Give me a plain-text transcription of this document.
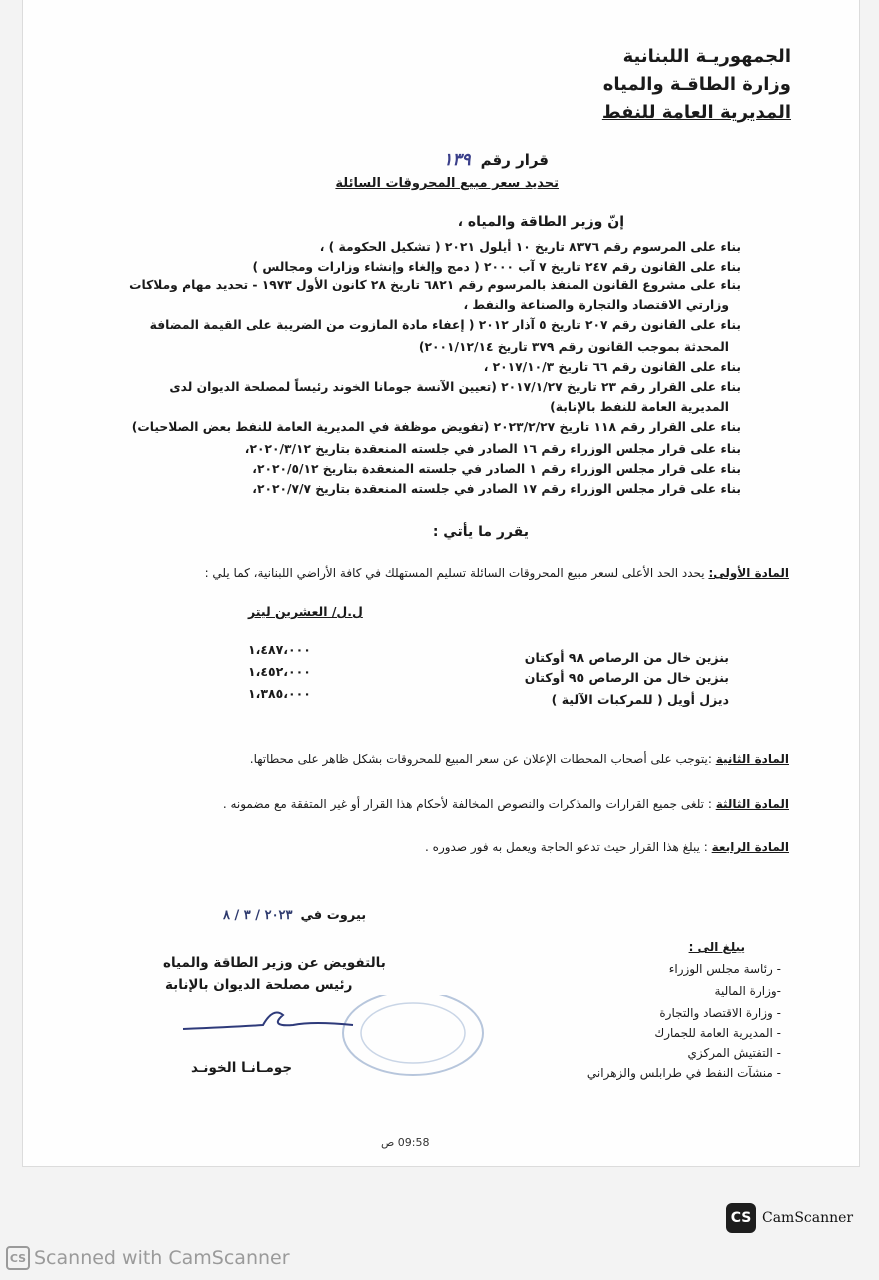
الجمهوريـة اللبنانية
وزارة الطاقـة والمياه
المديرية العامة للنفط
قرار رقم
١٣٩
تحديد سعر مبيع المحروقات السائلة
إنّ وزير الطاقة والمياه ،
بناء على المرسوم رقم ٨٣٧٦ تاريخ ١٠ أيلول ٢٠٢١ ( تشكيل الحكومة ) ،
بناء على القانون رقم ٢٤٧ تاريخ ٧ آب ٢٠٠٠ ( دمج وإلغاء وإنشاء وزارات ومجالس )
بناء على مشروع القانون المنفذ بالمرسوم رقم ٦٨٢١ تاريخ ٢٨ كانون الأول ١٩٧٣ - تحديد مهام وملاكات
وزارتي الاقتصاد والتجارة والصناعة والنفط ،
بناء على القانون رقم ٢٠٧ تاريخ ٥ آذار ٢٠١٢ ( إعفاء مادة المازوت من الضريبة على القيمة المضافة
المحدثة بموجب القانون رقم ٣٧٩ تاريخ ٢٠٠١/١٢/١٤)
بناء على القانون رقم ٦٦ تاريخ ٢٠١٧/١٠/٣ ،
بناء على القرار رقم ٢٣ تاريخ ٢٠١٧/١/٢٧ (تعيين الآنسة جومانا الخوند رئيساً لمصلحة الديوان لدى
المديرية العامة للنفط بالإنابة)
بناء على القرار رقم ١١٨ تاريخ ٢٠٢٣/٢/٢٧ (تفويض موظفة في المديرية العامة للنفط بعض الصلاحيات)
بناء على قرار مجلس الوزراء رقم ١٦ الصادر في جلسته المنعقدة بتاريخ ٢٠٢٠/٣/١٢،
بناء على قرار مجلس الوزراء رقم ١ الصادر في جلسته المنعقدة بتاريخ ٢٠٢٠/٥/١٢،
بناء على قرار مجلس الوزراء رقم ١٧ الصادر في جلسته المنعقدة بتاريخ ٢٠٢٠/٧/٧،
يقرر ما يأتي :
المادة الأولى: يحدد الحد الأعلى لسعر مبيع المحروقات السائلة تسليم المستهلك في كافة الأراضي اللبنانية، كما يلي :
ل.ل/ العشرين ليتر
١،٤٨٧،٠٠٠
١،٤٥٢،٠٠٠
١،٣٨٥،٠٠٠
بنزين خال من الرصاص ٩٨ أوكتان
بنزين خال من الرصاص ٩٥ أوكتان
ديزل أويل ( للمركبات الآلية )
المادة الثانية :يتوجب على أصحاب المحطات الإعلان عن سعر المبيع للمحروقات بشكل ظاهر على محطاتها.
المادة الثالثة : تلغى جميع القرارات والمذكرات والنصوص المخالفة لأحكام هذا القرار أو غير المتفقة مع مضمونه .
المادة الرابعة : يبلغ هذا القرار حيث تدعو الحاجة ويعمل به فور صدوره .
بيروت في
٢٠٢٣ / ٣ / ٨
بالتفويض عن وزير الطاقة والمياه
رئيس مصلحة الديوان بالإنابة
جومـانـا الخونـد
يبلغ الى :
- رئاسة مجلس الوزراء
-وزارة المالية
- وزارة الاقتصاد والتجارة
- المديرية العامة للجمارك
- التفتيش المركزي
- منشآت النفط في طرابلس والزهراني
09:58 ص
CS CamScanner
CS Scanned with CamScanner
